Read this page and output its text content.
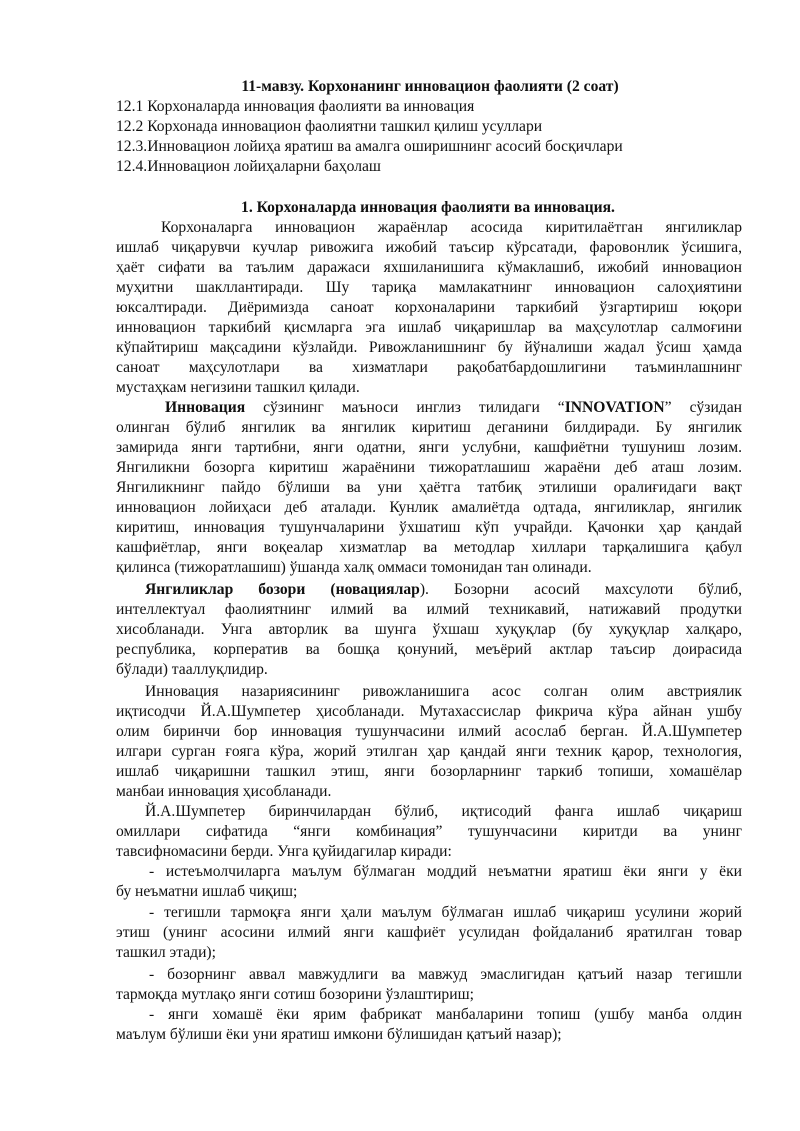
11-мавзу. Корхонанинг инновацион фаолияти (2 соат)
12.1 Корхоналарда инновация фаолияти ва инновация
12.2 Корхонада инновацион фаолиятни ташкил қилиш усуллари
12.3.Инновацион лойиҳа яратиш ва амалга оширишнинг асосий босқичлари
12.4.Инновацион лойиҳаларни баҳолаш
1. Корхоналарда инновация фаолияти ва инновация.
Корхоналарга инновацион жараёнлар асосида киритилаётган янгиликлар
ишлаб чиқарувчи кучлар ривожига ижобий таъсир кўрсатади, фаровонлик ўсишига,
ҳаёт сифати ва таълим даражаси яхшиланишига кўмаклашиб, ижобий инновацион
муҳитни шакллантиради. Шу тариқа мамлакатнинг инновацион салоҳиятини
юксалтиради. Диёримизда саноат корхоналарини таркибий ўзгартириш юқори
инновацион таркибий қисмларга эга ишлаб чиқаришлар ва маҳсулотлар салмоғини
кўпайтириш мақсадини кўзлайди. Ривожланишнинг бу йўналиши жадал ўсиш ҳамда
саноат маҳсулотлари ва хизматлари рақобатбардошлигини таъминлашнинг
мустаҳкам негизини ташкил қилади.
Инновация сўзининг маъноси инглиз тилидаги “INNOVATION” сўзидан
олинган бўлиб янгилик ва янгилик киритиш деганини билдиради. Бу янгилик
замирида янги тартибни, янги одатни, янги услубни, кашфиётни тушуниш лозим.
Янгиликни бозорга киритиш жараёнини тижоратлашиш жараёни деб аташ лозим.
Янгиликнинг пайдо бўлиши ва уни ҳаётга татбиқ этилиши оралиғидаги вақт
инновацион лойиҳаси деб аталади. Кунлик амалиётда одтада, янгиликлар, янгилик
киритиш, инновация тушунчаларини ўхшатиш кўп учрайди. Қачонки ҳар қандай
кашфиётлар, янги воқеалар хизматлар ва методлар хиллари тарқалишига қабул
қилинса (тижоратлашиш) ўшанда халқ оммаси томонидан тан олинади.
Янгиликлар бозори (новациялар). Бозорни асосий махсулоти бўлиб,
интеллектуал фаолиятнинг илмий ва илмий техникавий, натижавий продутки
хисобланади. Унга авторлик ва шунга ўхшаш хуқуқлар (бу хуқуқлар халқаро,
республика, корператив ва бошқа қонуний, меъёрий актлар таъсир доирасида
бўлади) тааллуқлидир.
Инновация назариясининг ривожланишига асос солган олим австриялик
иқтисодчи Й.А.Шумпетер ҳисобланади. Мутахассислар фикрича кўра айнан ушбу
олим биринчи бор инновация тушунчасини илмий асослаб берган. Й.А.Шумпетер
илгари сурган ғояга кўра, жорий этилган ҳар қандай янги техник қарор, технология,
ишлаб чиқаришни ташкил этиш, янги бозорларнинг таркиб топиши, хомашёлар
манбаи инновация ҳисобланади.
Й.А.Шумпетер биринчилардан бўлиб, иқтисодий фанга ишлаб чиқариш
омиллари сифатида “янги комбинация” тушунчасини киритди ва унинг
тавсифномасини берди. Унга қуйидагилар киради:
- истеъмолчиларга маълум бўлмаган моддий неъматни яратиш ёки янги у ёки
бу неъматни ишлаб чиқиш;
- тегишли тармоқға янги ҳали маълум бўлмаган ишлаб чиқариш усулини жорий
этиш (унинг асосини илмий янги кашфиёт усулидан фойдаланиб яратилган товар
ташкил этади);
- бозорнинг аввал мавжудлиги ва мавжуд эмаслигидан қатъий назар тегишли
тармоқда мутлақо янги сотиш бозорини ўзлаштириш;
- янги хомашё ёки ярим фабрикат манбаларини топиш (ушбу манба олдин
маълум бўлиши ёки уни яратиш имкони бўлишидан қатъий назар);
